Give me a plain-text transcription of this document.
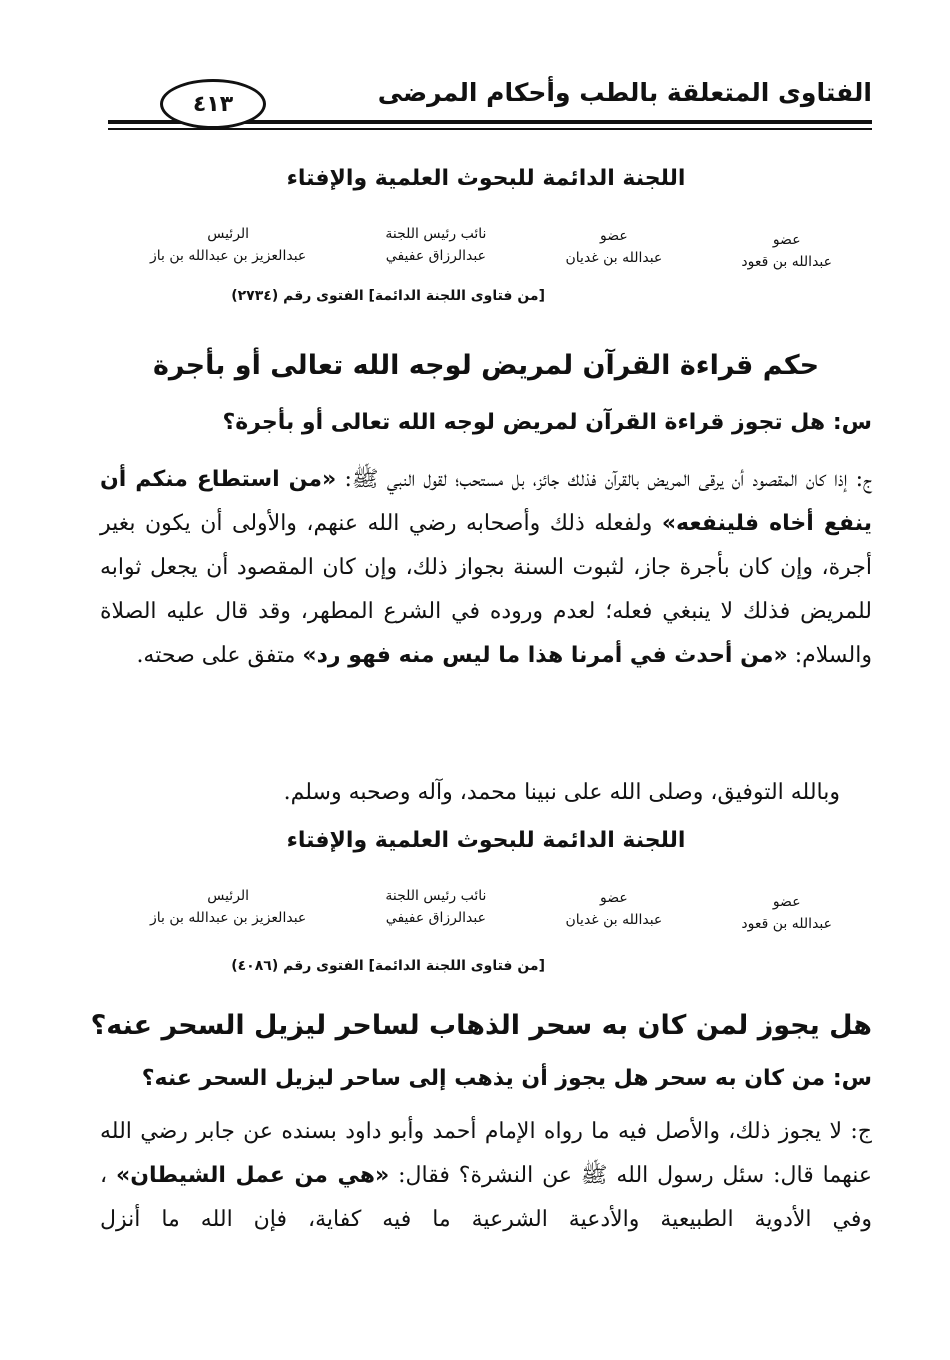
الفتاوى المتعلقة بالطب وأحكام المرضى
٤١٣
اللجنة الدائمة للبحوث العلمية والإفتاء
عضو
عبدالله بن قعود
عضو
عبدالله بن غديان
نائب رئيس اللجنة
عبدالرزاق عفيفي
الرئيس
عبدالعزيز بن عبدالله بن باز
[من فتاوى اللجنة الدائمة] الفتوى رقم (٢٧٣٤)
حكم قراءة القرآن لمريض لوجه الله تعالى أو بأجرة
س: هل تجوز قراءة القرآن لمريض لوجه الله تعالى أو بأجرة؟
ج: إذا كان المقصود أن يرقى المريض بالقرآن فذلك جائز، بل مستحب؛ لقول النبي ﷺ: «من استطاع منكم أن ينفع أخاه فلينفعه» ولفعله ذلك وأصحابه رضي الله عنهم، والأولى أن يكون بغير أجرة، وإن كان بأجرة جاز، لثبوت السنة بجواز ذلك، وإن كان المقصود أن يجعل ثوابه للمريض فذلك لا ينبغي فعله؛ لعدم وروده في الشرع المطهر، وقد قال عليه الصلاة والسلام: «من أحدث في أمرنا هذا ما ليس منه فهو رد» متفق على صحته.
وبالله التوفيق، وصلى الله على نبينا محمد، وآله وصحبه وسلم.
اللجنة الدائمة للبحوث العلمية والإفتاء
عضو
عبدالله بن قعود
عضو
عبدالله بن غديان
نائب رئيس اللجنة
عبدالرزاق عفيفي
الرئيس
عبدالعزيز بن عبدالله بن باز
[من فتاوى اللجنة الدائمة] الفتوى رقم (٤٠٨٦)
هل يجوز لمن كان به سحر الذهاب لساحر ليزيل السحر عنه؟
س: من كان به سحر هل يجوز أن يذهب إلى ساحر ليزيل السحر عنه؟
ج: لا يجوز ذلك، والأصل فيه ما رواه الإمام أحمد وأبو داود بسنده عن جابر رضي الله عنهما قال: سئل رسول الله ﷺ عن النشرة؟ فقال: «هي من عمل الشيطان» ، وفي الأدوية الطبيعية والأدعية الشرعية ما فيه كفاية، فإن الله ما أنزل
